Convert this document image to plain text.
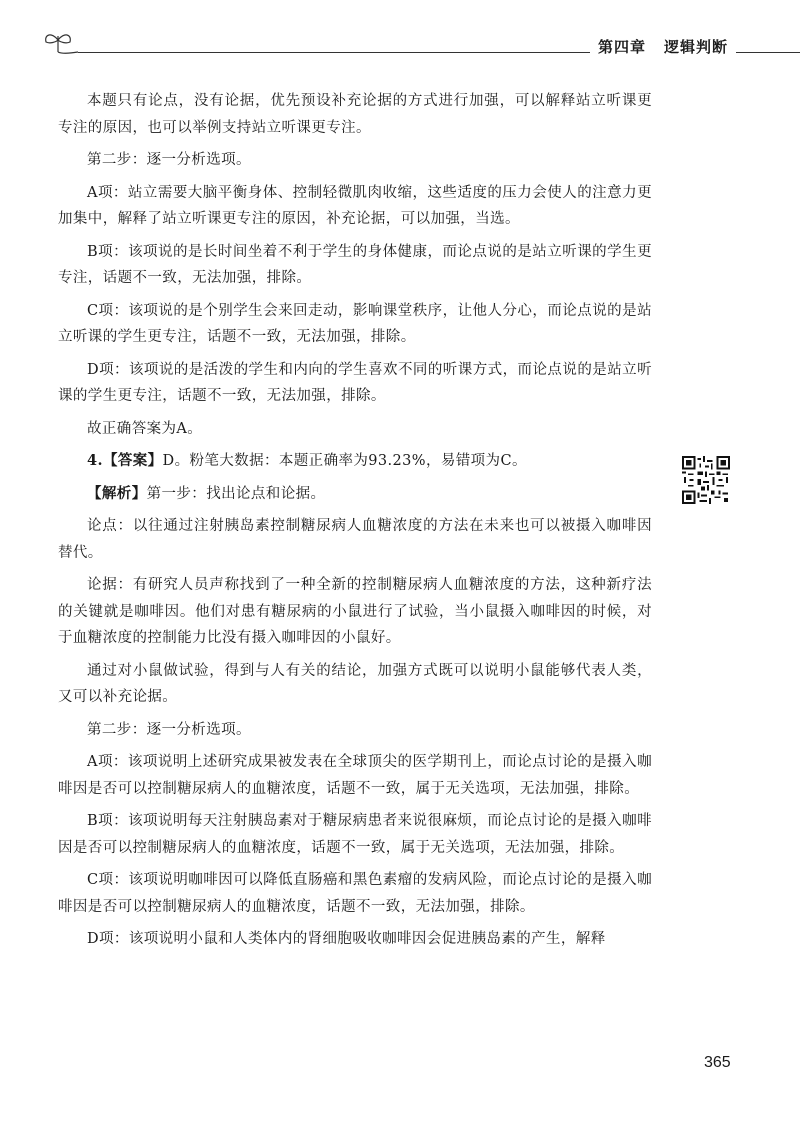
第四章 逻辑判断

本题只有论点，没有论据，优先预设补充论据的方式进行加强，可以解释站立听课更专注的原因，也可以举例支持站立听课更专注。

第二步：逐一分析选项。

A项：站立需要大脑平衡身体、控制轻微肌肉收缩，这些适度的压力会使人的注意力更加集中，解释了站立听课更专注的原因，补充论据，可以加强，当选。

B项：该项说的是长时间坐着不利于学生的身体健康，而论点说的是站立听课的学生更专注，话题不一致，无法加强，排除。

C项：该项说的是个别学生会来回走动，影响课堂秩序，让他人分心，而论点说的是站立听课的学生更专注，话题不一致，无法加强，排除。

D项：该项说的是活泼的学生和内向的学生喜欢不同的听课方式，而论点说的是站立听课的学生更专注，话题不一致，无法加强，排除。

故正确答案为A。

4.【答案】D。粉笔大数据：本题正确率为93.23%，易错项为C。

【解析】第一步：找出论点和论据。

论点：以往通过注射胰岛素控制糖尿病人血糖浓度的方法在未来也可以被摄入咖啡因替代。

论据：有研究人员声称找到了一种全新的控制糖尿病人血糖浓度的方法，这种新疗法的关键就是咖啡因。他们对患有糖尿病的小鼠进行了试验，当小鼠摄入咖啡因的时候，对于血糖浓度的控制能力比没有摄入咖啡因的小鼠好。

通过对小鼠做试验，得到与人有关的结论，加强方式既可以说明小鼠能够代表人类，又可以补充论据。

第二步：逐一分析选项。

A项：该项说明上述研究成果被发表在全球顶尖的医学期刊上，而论点讨论的是摄入咖啡因是否可以控制糖尿病人的血糖浓度，话题不一致，属于无关选项，无法加强，排除。

B项：该项说明每天注射胰岛素对于糖尿病患者来说很麻烦，而论点讨论的是摄入咖啡因是否可以控制糖尿病人的血糖浓度，话题不一致，属于无关选项，无法加强，排除。

C项：该项说明咖啡因可以降低直肠癌和黑色素瘤的发病风险，而论点讨论的是摄入咖啡因是否可以控制糖尿病人的血糖浓度，话题不一致，无法加强，排除。

D项：该项说明小鼠和人类体内的肾细胞吸收咖啡因会促进胰岛素的产生，解释

365
